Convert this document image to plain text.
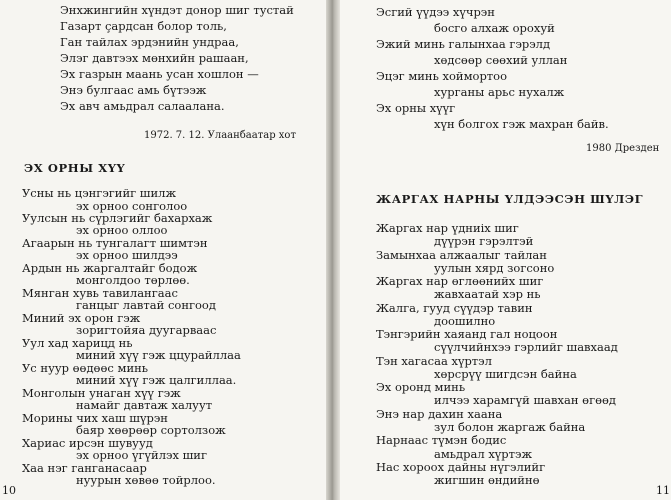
Энхжингийн хүндэт донор шиг тустай
Газарт ҫардсан болор толь,
Ган тайлах эрдэнийн ундраа,
Элэг давтээх мөнхийн рашаан,
Эх газрын маань усан хошлон —
Энэ булгаас амь бүтээж
Эх авч амьдрал салаалана.
1972. 7. 12. Улаанбаатар хот
ЭХ ОРНЫ ХҮҮ
Усны нь цэнгэгийг шилж
эх орноо сонголоо
Уулсын нь сүрлэгийг бахархаж
эх орноо оллоо
Агаарын нь тунгалагт шимтэн
эх орноо шилдээ
Ардын нь жаргалтайг бодож
монголдоо төрлөө.
Мянган хувь тавилангаас
ганцыг лавтай сонгоод
Миний эх орон гэж
зоригтойяа дуугарваас
Уул хад харицд нь
миний хүү гэж ццурайллаа
Ус нуур өөдөөс минь
миний хүү гэж цалгиллаа.
Монголын унаган хүү гэж
намайг давтаж халуут
Морины чих хаш шүрэн
баяр хөөрөөр сортолзож
Хариас ирсэн шувууд
эх орноо үгүйлэх шиг
Хаа нэг ганганасаар
нуурын хөвөө тойрлоо.
10
Эсгий үүдээ хүчрэн
босго алхаж орохуй
Эжий минь галынхаа гэрэлд
хөдсөөр сөөхий уллан
Эцэг минь хоймортоо
хурганы арьс нухалж
Эх орны хүүг
хүн болгох гэж махран байв.
1980 Дрезден
ЖАРГАХ НАРНЫ ҮЛДЭЭСЭН ШҮЛЭГ
Жаргах нар үдниix шиг
дүүрэн гэрэлтэй
Замынхаа алжаалыг тайлан
уулын хярд зогсоно
Жаргах нар өглөөнийх шиг
жавхаатай хэр нь
Жалга, гууд сүүдэр тавин
доошилно
Тэнгэрийн хаяанд гал ноцоон
сүүлчийнхээ гэрлийг шавхаад
Тэн хагасаа хүртэл
хөрсрүү шигдсэн байна
Эх оронд минь
илчээ харамгүй шавхан өгөөд
Энэ нар дахин хаана
зул болон жаргаж байна
Нарнаас түмэн бодис
амьдрал хүртэж
Нас хороох дайны нүгэлийг
жигшин өндийнө
11
